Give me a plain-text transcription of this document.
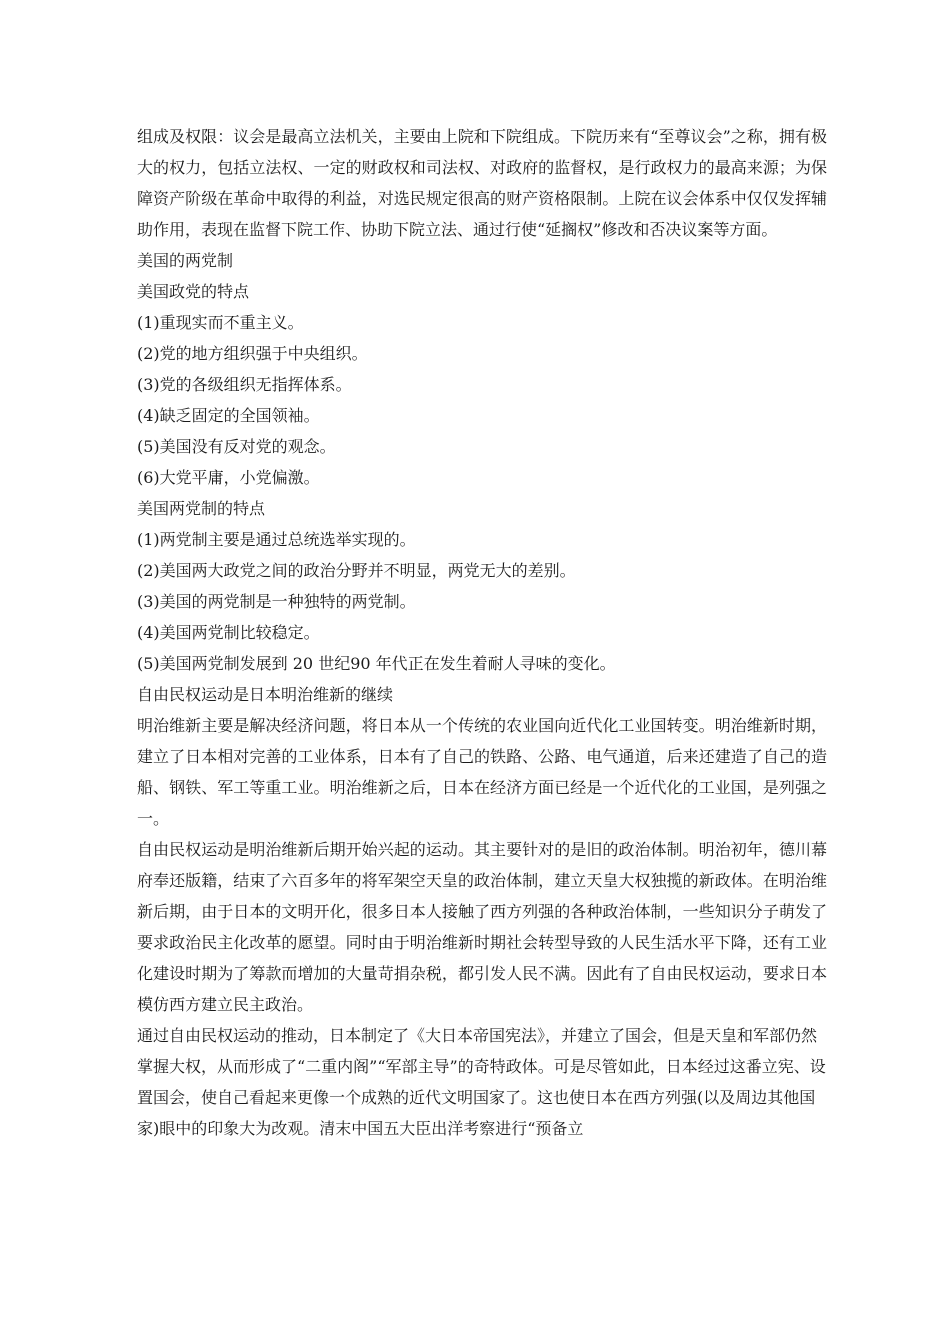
组成及权限：议会是最高立法机关，主要由上院和下院组成。下院历来有“至尊议会”之称，拥有极大的权力，包括立法权、一定的财政权和司法权、对政府的监督权，是行政权力的最高来源；为保障资产阶级在革命中取得的利益，对选民规定很高的财产资格限制。上院在议会体系中仅仅发挥辅助作用，表现在监督下院工作、协助下院立法、通过行使“延搁权”修改和否决议案等方面。

美国的两党制

美国政党的特点

(1)重现实而不重主义。

(2)党的地方组织强于中央组织。

(3)党的各级组织无指挥体系。

(4)缺乏固定的全国领袖。

(5)美国没有反对党的观念。

(6)大党平庸，小党偏激。

美国两党制的特点

(1)两党制主要是通过总统选举实现的。

(2)美国两大政党之间的政治分野并不明显，两党无大的差别。

(3)美国的两党制是一种独特的两党制。

(4)美国两党制比较稳定。

(5)美国两党制发展到 20 世纪90 年代正在发生着耐人寻味的变化。

自由民权运动是日本明治维新的继续

明治维新主要是解决经济问题，将日本从一个传统的农业国向近代化工业国转变。明治维新时期，建立了日本相对完善的工业体系，日本有了自己的铁路、公路、电气通道，后来还建造了自己的造船、钢铁、军工等重工业。明治维新之后，日本在经济方面已经是一个近代化的工业国，是列强之一。

自由民权运动是明治维新后期开始兴起的运动。其主要针对的是旧的政治体制。明治初年，德川幕府奉还版籍，结束了六百多年的将军架空天皇的政治体制，建立天皇大权独揽的新政体。在明治维新后期，由于日本的文明开化，很多日本人接触了西方列强的各种政治体制，一些知识分子萌发了要求政治民主化改革的愿望。同时由于明治维新时期社会转型导致的人民生活水平下降，还有工业化建设时期为了筹款而增加的大量苛捐杂税，都引发人民不满。因此有了自由民权运动，要求日本模仿西方建立民主政治。

通过自由民权运动的推动，日本制定了《大日本帝国宪法》，并建立了国会，但是天皇和军部仍然掌握大权，从而形成了“二重内阁”“军部主导”的奇特政体。可是尽管如此，日本经过这番立宪、设置国会，使自己看起来更像一个成熟的近代文明国家了。这也使日本在西方列强(以及周边其他国家)眼中的印象大为改观。清末中国五大臣出洋考察进行“预备立
